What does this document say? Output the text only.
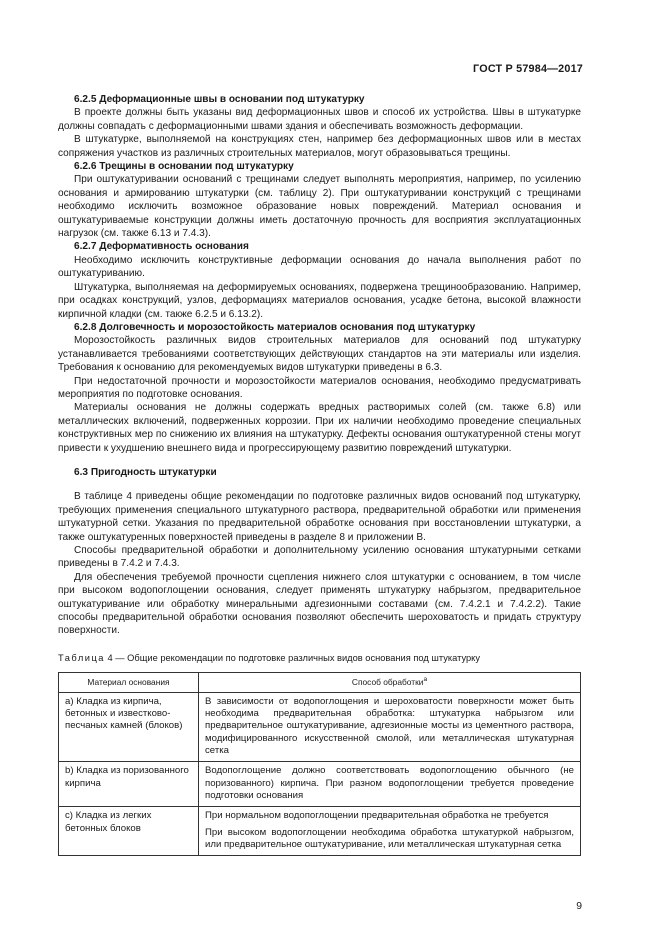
ГОСТ Р 57984—2017
6.2.5 Деформационные швы в основании под штукатурку
В проекте должны быть указаны вид деформационных швов и способ их устройства. Швы в штукатурке должны совпадать с деформационными швами здания и обеспечивать возможность деформации.
В штукатурке, выполняемой на конструкциях стен, например без деформационных швов или в местах сопряжения участков из различных строительных материалов, могут образовываться трещины.
6.2.6 Трещины в основании под штукатурку
При оштукатуривании оснований с трещинами следует выполнять мероприятия, например, по усилению основания и армированию штукатурки (см. таблицу 2). При оштукатуривании конструкций с трещинами необходимо исключить возможное образование новых повреждений. Материал основания и оштукатуриваемые конструкции должны иметь достаточную прочность для восприятия эксплуатационных нагрузок (см. также 6.13 и 7.4.3).
6.2.7 Деформативность основания
Необходимо исключить конструктивные деформации основания до начала выполнения работ по оштукатуриванию.
Штукатурка, выполняемая на деформируемых основаниях, подвержена трещинообразованию. Например, при осадках конструкций, узлов, деформациях материалов основания, усадке бетона, высокой влажности кирпичной кладки (см. также 6.2.5 и 6.13.2).
6.2.8 Долговечность и морозостойкость материалов основания под штукатурку
Морозостойкость различных видов строительных материалов для оснований под штукатурку устанавливается требованиями соответствующих действующих стандартов на эти материалы или изделия. Требования к основанию для рекомендуемых видов штукатурки приведены в 6.3.
При недостаточной прочности и морозостойкости материалов основания, необходимо предусматривать мероприятия по подготовке основания.
Материалы основания не должны содержать вредных растворимых солей (см. также 6.8) или металлических включений, подверженных коррозии. При их наличии необходимо проведение специальных конструктивных мер по снижению их влияния на штукатурку. Дефекты основания оштукатуренной стены могут привести к ухудшению внешнего вида и прогрессирующему развитию повреждений штукатурки.
6.3 Пригодность штукатурки
В таблице 4 приведены общие рекомендации по подготовке различных видов оснований под штукатурку, требующих применения специального штукатурного раствора, предварительной обработки или применения штукатурной сетки. Указания по предварительной обработке основания при восстановлении штукатурки, а также оштукатуренных поверхностей приведены в разделе 8 и приложении В.
Способы предварительной обработки и дополнительному усилению основания штукатурными сетками приведены в 7.4.2 и 7.4.3.
Для обеспечения требуемой прочности сцепления нижнего слоя штукатурки с основанием, в том числе при высоком водопоглощении основания, следует применять штукатурку набрызгом, предварительное оштукатуривание или обработку минеральными адгезионными составами (см. 7.4.2.1 и 7.4.2.2). Такие способы предварительной обработки основания позволяют обеспечить шероховатость и придать структуру поверхности.
Таблица 4 — Общие рекомендации по подготовке различных видов основания под штукатурку
Материал основания	Способ обработки$^а$
а) Кладка из кирпича, бетонных и известково-песчаных камней (блоков)	В зависимости от водопоглощения и шероховатости поверхности может быть необходима предварительная обработка: штукатурка набрызгом или предварительное оштукатуривание, адгезионные мосты из цементного раствора, модифицированного искусственной смолой, или металлическая штукатурная сетка

b) Кладка из поризованного кирпича	Водопоглощение должно соответствовать водопоглощению обычного (не поризованного) кирпича. При разном водопоглощении требуется проведение подготовки основания

c) Кладка из легких бетонных блоков	При нормальном водопоглощении предварительная обработка не требуется
При высоком водопоглощении необходима обработка штукатуркой набрызгом, или предварительное оштукатуривание, или металлическая штукатурная сетка
9
